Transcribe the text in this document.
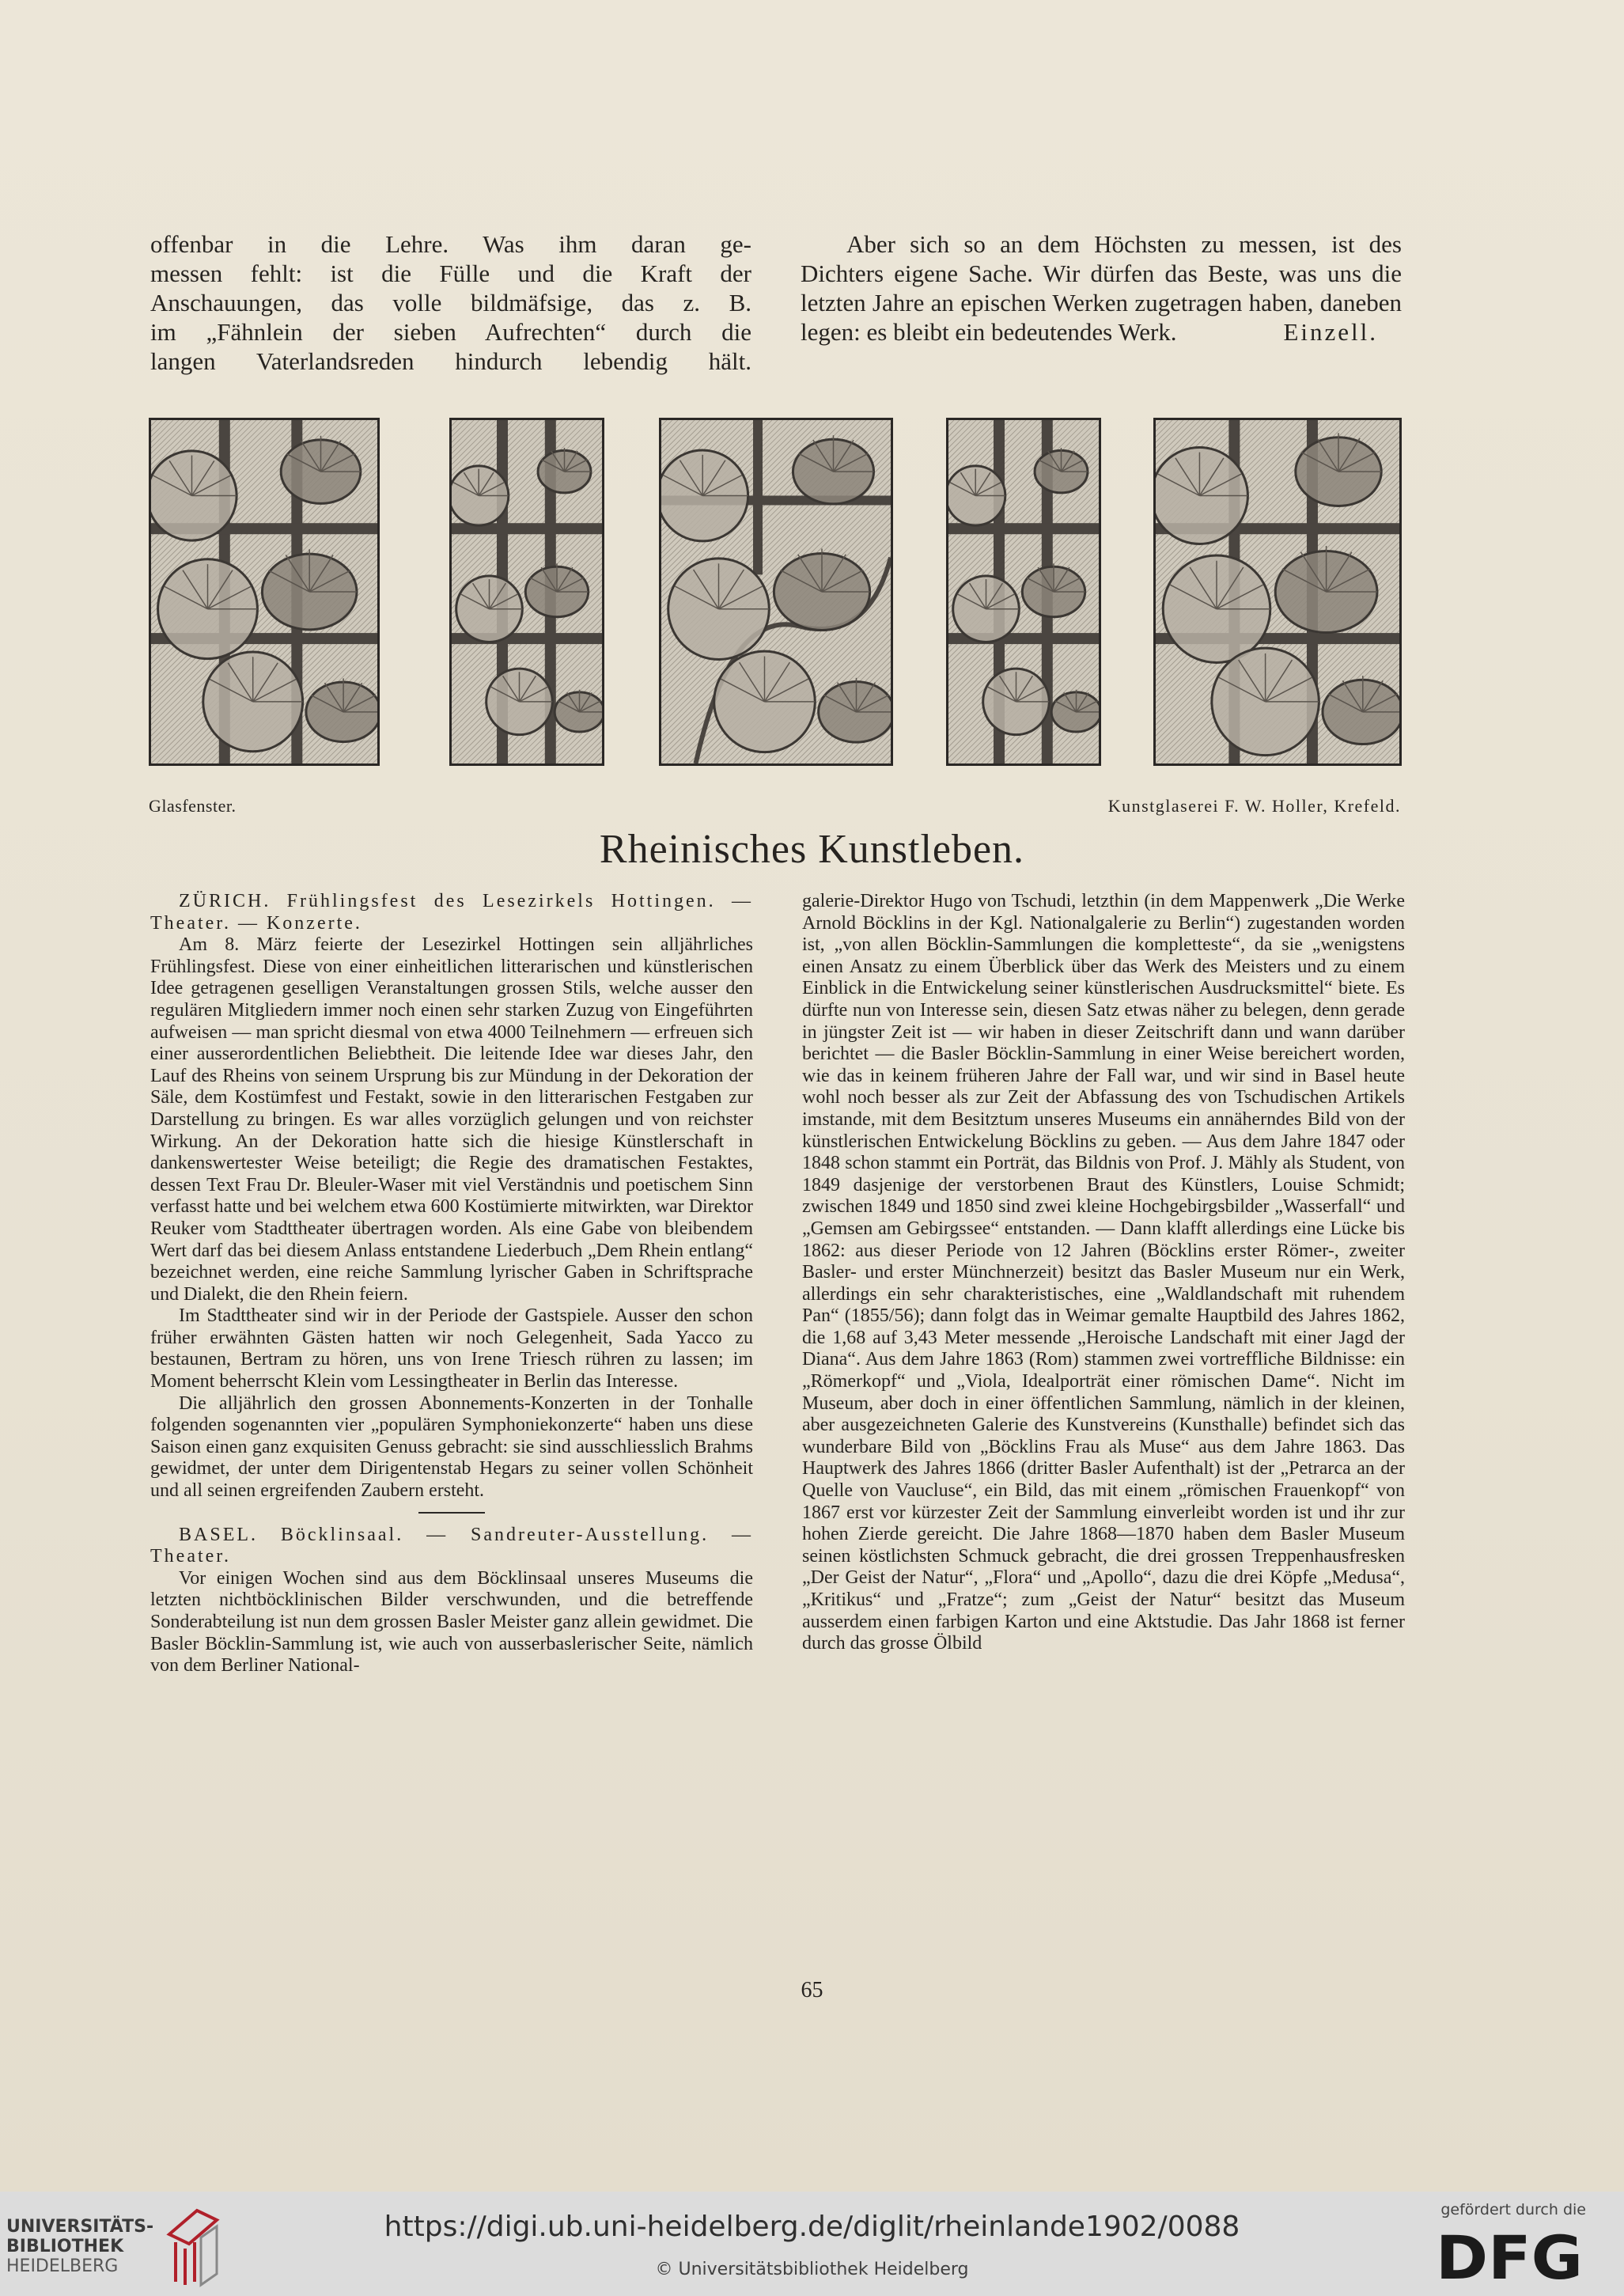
offenbar in die Lehre. Was ihm daran ge-

messen fehlt: ist die Fülle und die Kraft der

Anschauungen, das volle bildmäfsige, das z. B.

im „Fähnlein der sieben Aufrechten“ durch die

langen Vaterlandsreden hindurch lebendig hält.

Aber sich so an dem Höchsten zu messen, ist des Dichters eigene Sache. Wir dürfen das Beste, was uns die letzten Jahre an epischen Werken zugetragen haben, daneben legen: es bleibt ein bedeutendes Werk.	Einzell.

Glasfenster.	Kunstglaserei F. W. Holler, Krefeld.
Rheinisches Kunstleben.

ZÜRICH. Frühlingsfest des Lesezirkels Hottingen. — Theater. — Konzerte.

Am 8. März feierte der Lesezirkel Hottingen sein alljährliches Frühlingsfest. Diese von einer einheitlichen litterarischen und künstlerischen Idee getragenen geselligen Veranstaltungen grossen Stils, welche ausser den regulären Mitgliedern immer noch einen sehr starken Zuzug von Eingeführten aufweisen — man spricht diesmal von etwa 4000 Teilnehmern — erfreuen sich einer ausserordentlichen Beliebtheit. Die leitende Idee war dieses Jahr, den Lauf des Rheins von seinem Ursprung bis zur Mündung in der Dekoration der Säle, dem Kostümfest und Festakt, sowie in den litterarischen Festgaben zur Darstellung zu bringen. Es war alles vorzüglich gelungen und von reichster Wirkung. An der Dekoration hatte sich die hiesige Künstlerschaft in dankenswertester Weise beteiligt; die Regie des dramatischen Festaktes, dessen Text Frau Dr. Bleuler-Waser mit viel Verständnis und poetischem Sinn verfasst hatte und bei welchem etwa 600 Kostümierte mitwirkten, war Direktor Reuker vom Stadttheater übertragen worden. Als eine Gabe von bleibendem Wert darf das bei diesem Anlass entstandene Liederbuch „Dem Rhein entlang“ bezeichnet werden, eine reiche Sammlung lyrischer Gaben in Schriftsprache und Dialekt, die den Rhein feiern.

Im Stadttheater sind wir in der Periode der Gastspiele. Ausser den schon früher erwähnten Gästen hatten wir noch Gelegenheit, Sada Yacco zu bestaunen, Bertram zu hören, uns von Irene Triesch rühren zu lassen; im Moment beherrscht Klein vom Lessingtheater in Berlin das Interesse.

Die alljährlich den grossen Abonnements-Konzerten in der Tonhalle folgenden sogenannten vier „populären Symphoniekonzerte“ haben uns diese Saison einen ganz exquisiten Genuss gebracht: sie sind ausschliesslich Brahms gewidmet, der unter dem Dirigentenstab Hegars zu seiner vollen Schönheit und all seinen ergreifenden Zaubern ersteht.

BASEL. Böcklinsaal. — Sandreuter-Ausstellung. — Theater.

Vor einigen Wochen sind aus dem Böcklinsaal unseres Museums die letzten nichtböcklinischen Bilder verschwunden, und die betreffende Sonderabteilung ist nun dem grossen Basler Meister ganz allein gewidmet. Die Basler Böcklin-Sammlung ist, wie auch von ausserbaslerischer Seite, nämlich von dem Berliner National-

galerie-Direktor Hugo von Tschudi, letzthin (in dem Mappenwerk „Die Werke Arnold Böcklins in der Kgl. Nationalgalerie zu Berlin“) zugestanden worden ist, „von allen Böcklin-Sammlungen die kompletteste“, da sie „wenigstens einen Ansatz zu einem Überblick über das Werk des Meisters und zu einem Einblick in die Entwickelung seiner künstlerischen Ausdrucksmittel“ biete. Es dürfte nun von Interesse sein, diesen Satz etwas näher zu belegen, denn gerade in jüngster Zeit ist — wir haben in dieser Zeitschrift dann und wann darüber berichtet — die Basler Böcklin-Sammlung in einer Weise bereichert worden, wie das in keinem früheren Jahre der Fall war, und wir sind in Basel heute wohl noch besser als zur Zeit der Abfassung des von Tschudischen Artikels imstande, mit dem Besitztum unseres Museums ein annäherndes Bild von der künstlerischen Entwickelung Böcklins zu geben. — Aus dem Jahre 1847 oder 1848 schon stammt ein Porträt, das Bildnis von Prof. J. Mähly als Student, von 1849 dasjenige der verstorbenen Braut des Künstlers, Louise Schmidt; zwischen 1849 und 1850 sind zwei kleine Hochgebirgsbilder „Wasserfall“ und „Gemsen am Gebirgssee“ entstanden. — Dann klafft allerdings eine Lücke bis 1862: aus dieser Periode von 12 Jahren (Böcklins erster Römer-, zweiter Basler- und erster Münchnerzeit) besitzt das Basler Museum nur ein Werk, allerdings ein sehr charakteristisches, eine „Waldlandschaft mit ruhendem Pan“ (1855/56); dann folgt das in Weimar gemalte Hauptbild des Jahres 1862, die 1,68 auf 3,43 Meter messende „Heroische Landschaft mit einer Jagd der Diana“. Aus dem Jahre 1863 (Rom) stammen zwei vortreffliche Bildnisse: ein „Römerkopf“ und „Viola, Idealporträt einer römischen Dame“. Nicht im Museum, aber doch in einer öffentlichen Sammlung, nämlich in der kleinen, aber ausgezeichneten Galerie des Kunstvereins (Kunsthalle) befindet sich das wunderbare Bild von „Böcklins Frau als Muse“ aus dem Jahre 1863. Das Hauptwerk des Jahres 1866 (dritter Basler Aufenthalt) ist der „Petrarca an der Quelle von Vaucluse“, ein Bild, das mit einem „römischen Frauenkopf“ von 1867 erst vor kürzester Zeit der Sammlung einverleibt worden ist und ihr zur hohen Zierde gereicht. Die Jahre 1868—1870 haben dem Basler Museum seinen köstlichsten Schmuck gebracht, die drei grossen Treppenhausfresken „Der Geist der Natur“, „Flora“ und „Apollo“, dazu die drei Köpfe „Medusa“, „Kritikus“ und „Fratze“; zum „Geist der Natur“ besitzt das Museum ausserdem einen farbigen Karton und eine Aktstudie. Das Jahr 1868 ist ferner durch das grosse Ölbild

65
UNIVERSITÄTS-
BIBLIOTHEK
HEIDELBERG
https://digi.ub.uni-heidelberg.de/diglit/rheinlande1902/0088
© Universitätsbibliothek Heidelberg
gefördert durch die
DFG
